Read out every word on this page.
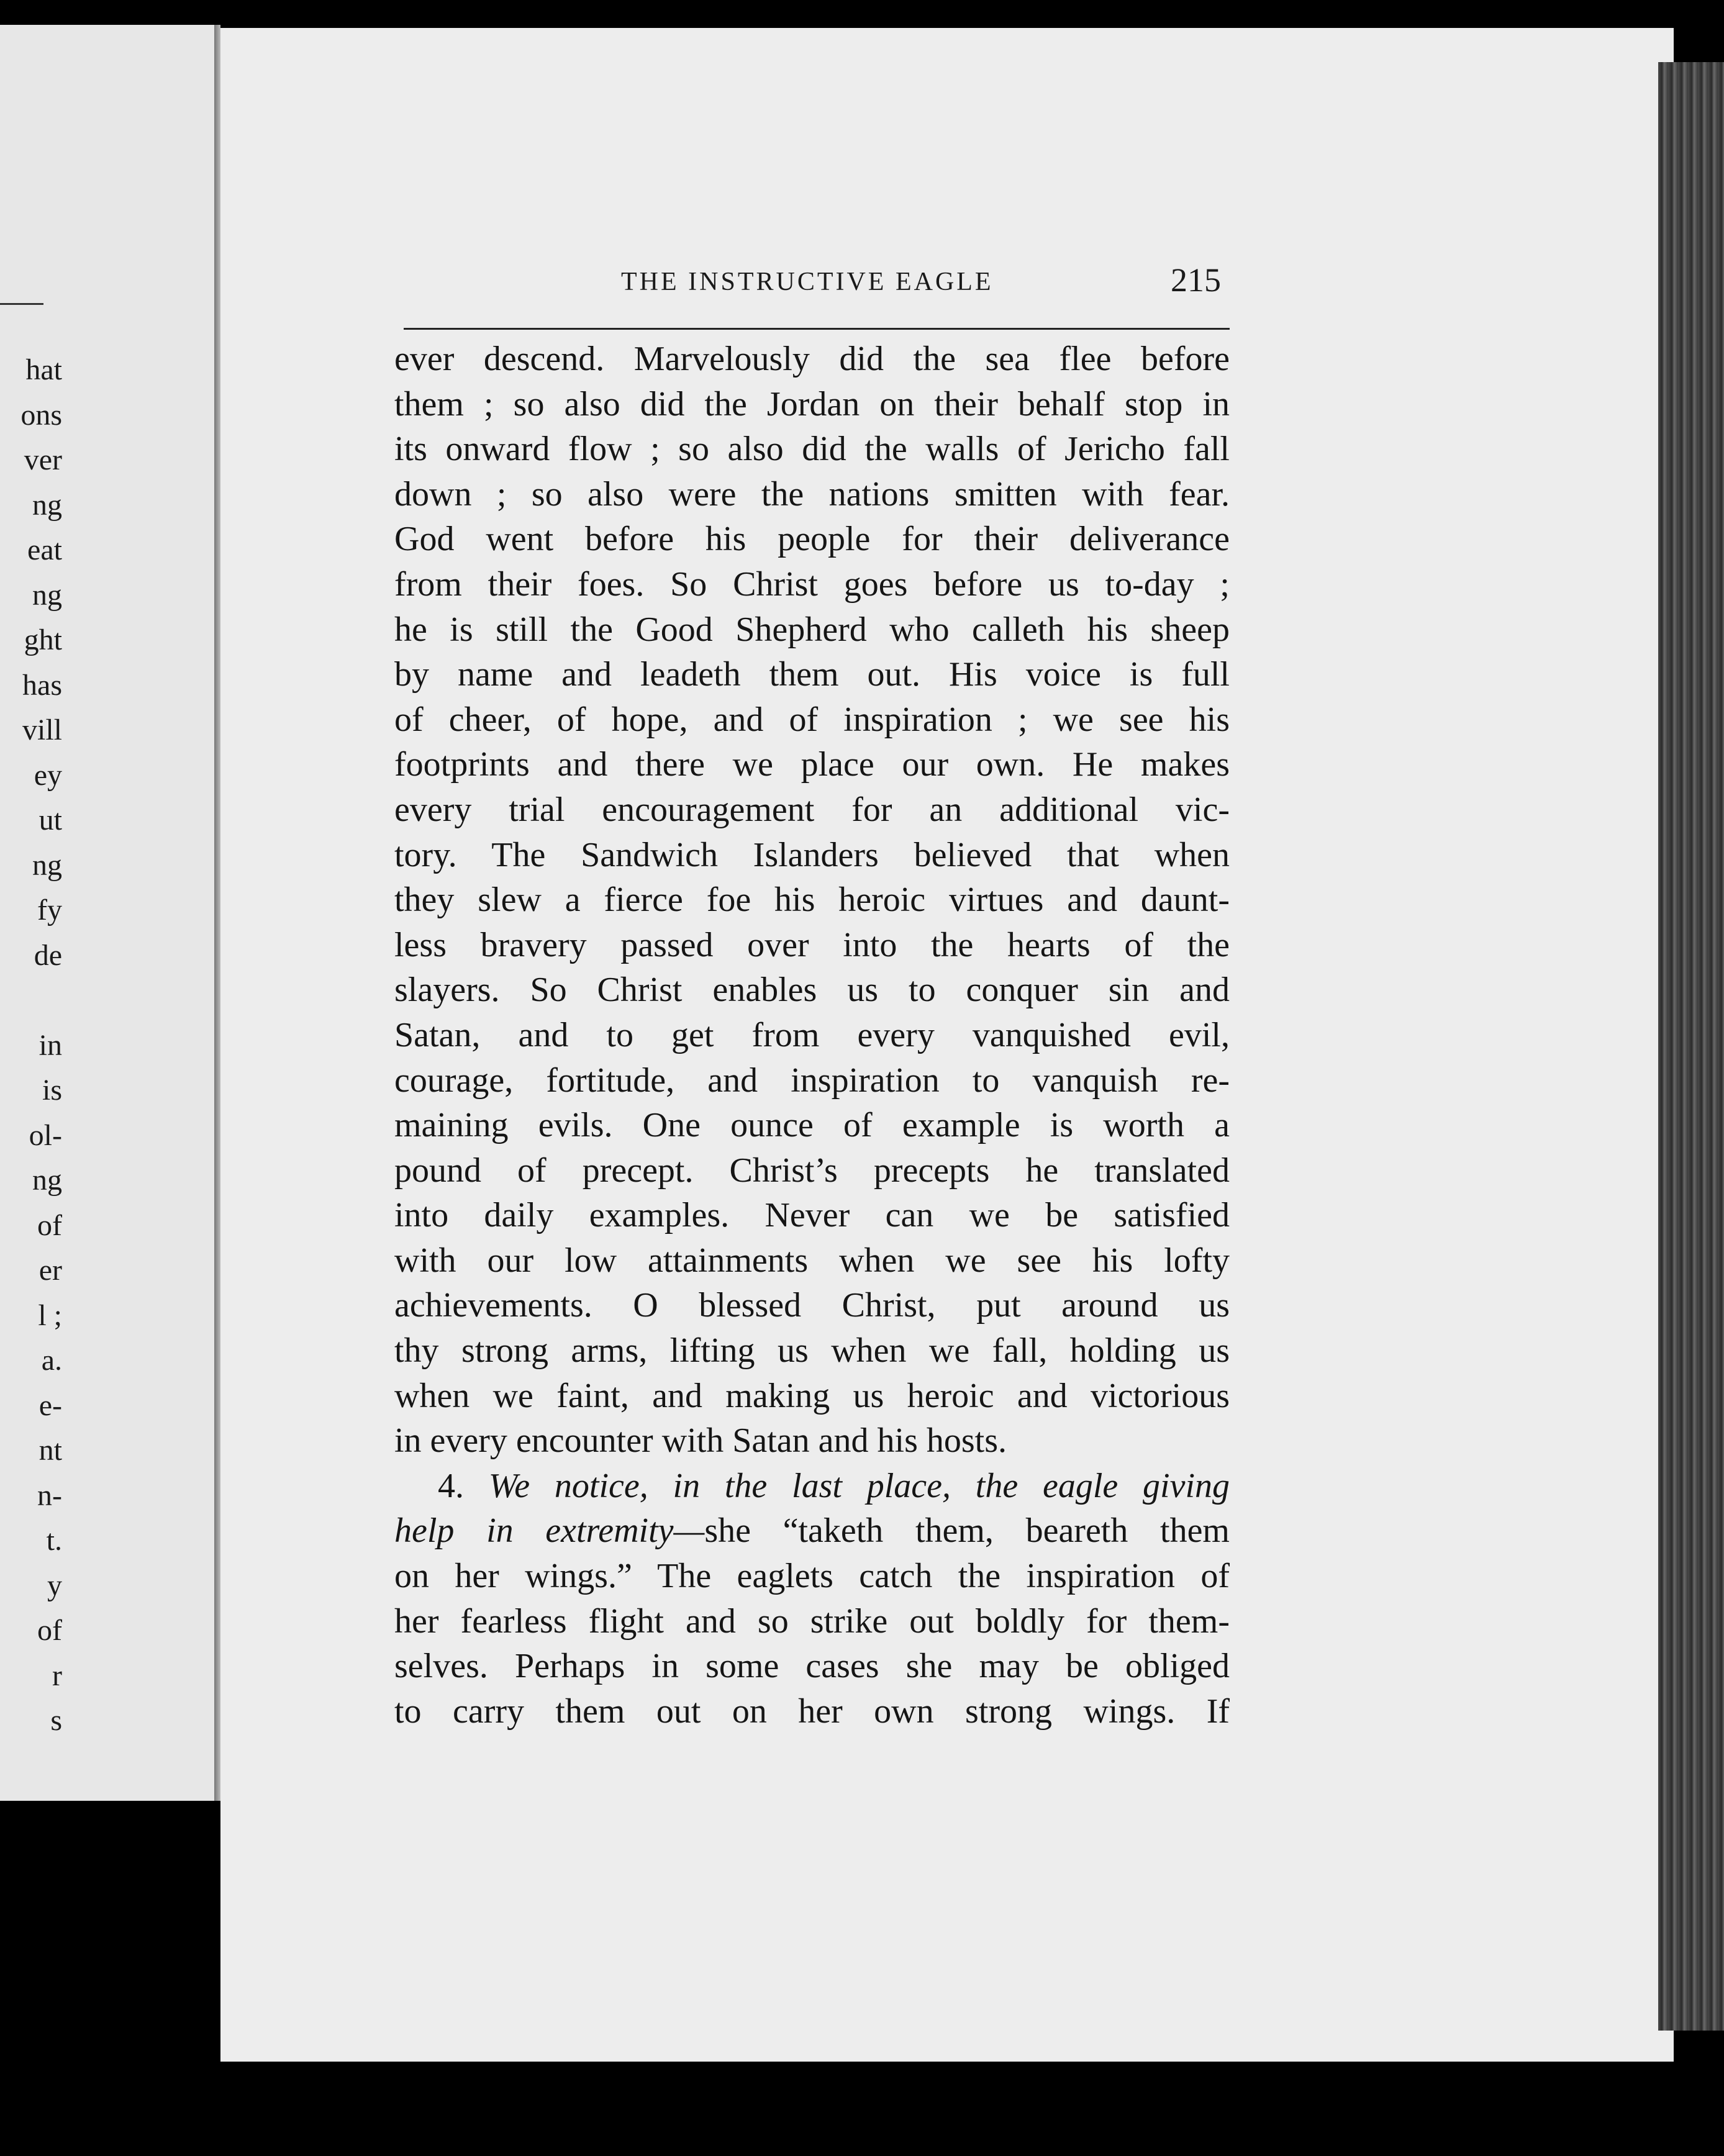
hat
ons
ver
ng
eat
ng
ght
has
vill
ey
ut
ng
fy
de
in
is
ol-
ng
of
er
l ;
a.
e-
nt
n-
t.
y
of
r
s
THE INSTRUCTIVE EAGLE	215
ever descend. Marvelously did the sea flee before
them ; so also did the Jordan on their behalf stop in
its onward flow ; so also did the walls of Jericho fall
down ; so also were the nations smitten with fear.
God went before his people for their deliverance
from their foes. So Christ goes before us to-day ;
he is still the Good Shepherd who calleth his sheep
by name and leadeth them out. His voice is full
of cheer, of hope, and of inspiration ; we see his
footprints and there we place our own. He makes
every trial encouragement for an additional vic-
tory. The Sandwich Islanders believed that when
they slew a fierce foe his heroic virtues and daunt-
less bravery passed over into the hearts of the
slayers. So Christ enables us to conquer sin and
Satan, and to get from every vanquished evil,
courage, fortitude, and inspiration to vanquish re-
maining evils. One ounce of example is worth a
pound of precept. Christ’s precepts he translated
into daily examples. Never can we be satisfied
with our low attainments when we see his lofty
achievements. O blessed Christ, put around us
thy strong arms, lifting us when we fall, holding us
when we faint, and making us heroic and victorious
in every encounter with Satan and his hosts.
4. We notice, in the last place, the eagle giving
help in extremity—she “taketh them, beareth them
on her wings.” The eaglets catch the inspiration of
her fearless flight and so strike out boldly for them-
selves. Perhaps in some cases she may be obliged
to carry them out on her own strong wings. If
